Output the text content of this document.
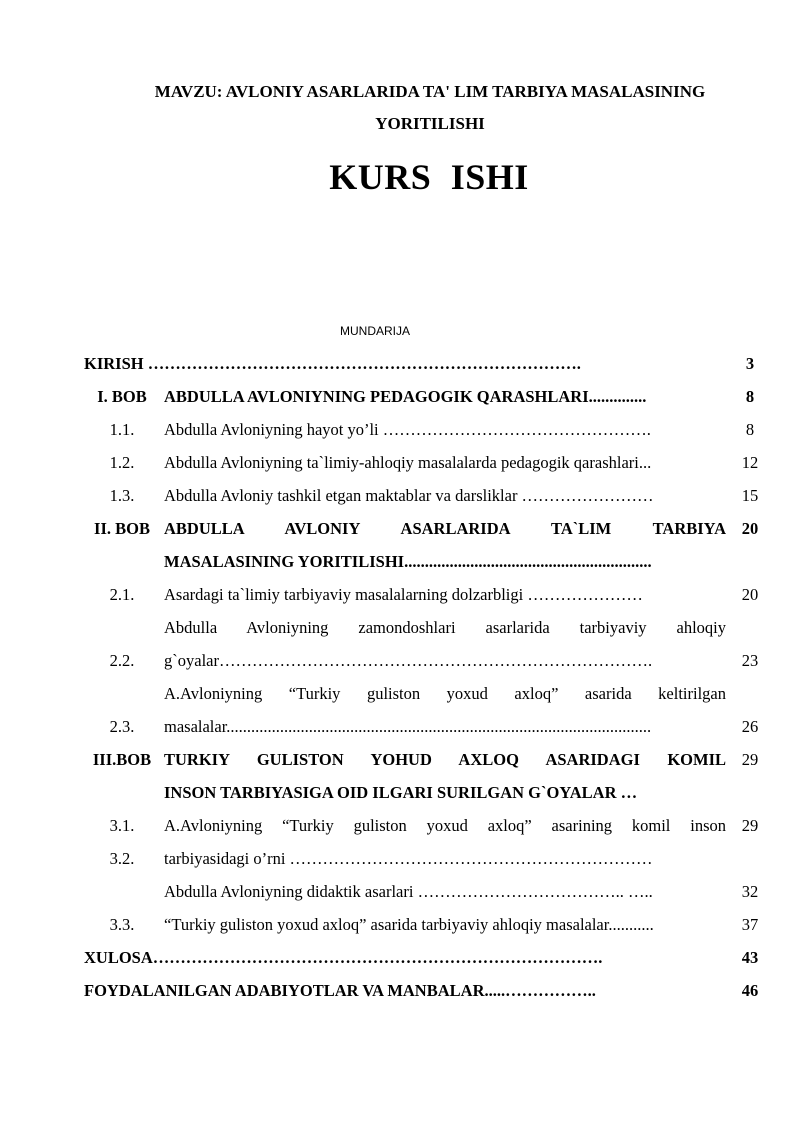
MAVZU: AVLONIY ASARLARIDA TA' LIM TARBIYA MASALASINING
YORITILISHI
KURS ISHI
MUNDARIJA
KIRISH …………………………………………………………………….	3
I. BOB	ABDULLA AVLONIYNING PEDAGOGIK QARASHLARI..............	8
1.1.	Abdulla Avloniyning hayot yo’li ………………………………………….	8
1.2.	Abdulla Avloniyning ta`limiy-ahloqiy masalalarda pedagogik qarashlari...	12
1.3.	Abdulla Avloniy tashkil etgan maktablar va darsliklar ……………………	15
II. BOB ABDULLA AVLONIY ASARLARIDA TA`LIM TARBIYA 20
MASALASINING YORITILISHI............................................................
2.1.	Asardagi ta`limiy tarbiyaviy masalalarning dolzarbligi …………………	20
Abdulla Avloniyning zamondoshlari asarlarida tarbiyaviy ahloqiy
2.2.	g`oyalar…………………………………………………………………….	23
A.Avloniyning “Turkiy guliston yoxud axloq” asarida keltirilgan
2.3.	masalalar.......................................................................................................	26
III.BOB TURKIY GULISTON YOHUD AXLOQ ASARIDAGI KOMIL 29
INSON TARBIYASIGA OID ILGARI SURILGAN G`OYALAR …
3.1.	A.Avloniyning “Turkiy guliston yoxud axloq” asarining komil inson 29
3.2.	tarbiyasidagi o’rni …………………………………………………………
Abdulla Avloniyning didaktik asarlari ……………………………….. …..	32
3.3.	“Turkiy guliston yoxud axloq” asarida tarbiyaviy ahloqiy masalalar...........	37
XULOSA……………………………………………………………………….	43
FOYDALANILGAN ADABIYOTLAR VA MANBALAR.....……………..	46
